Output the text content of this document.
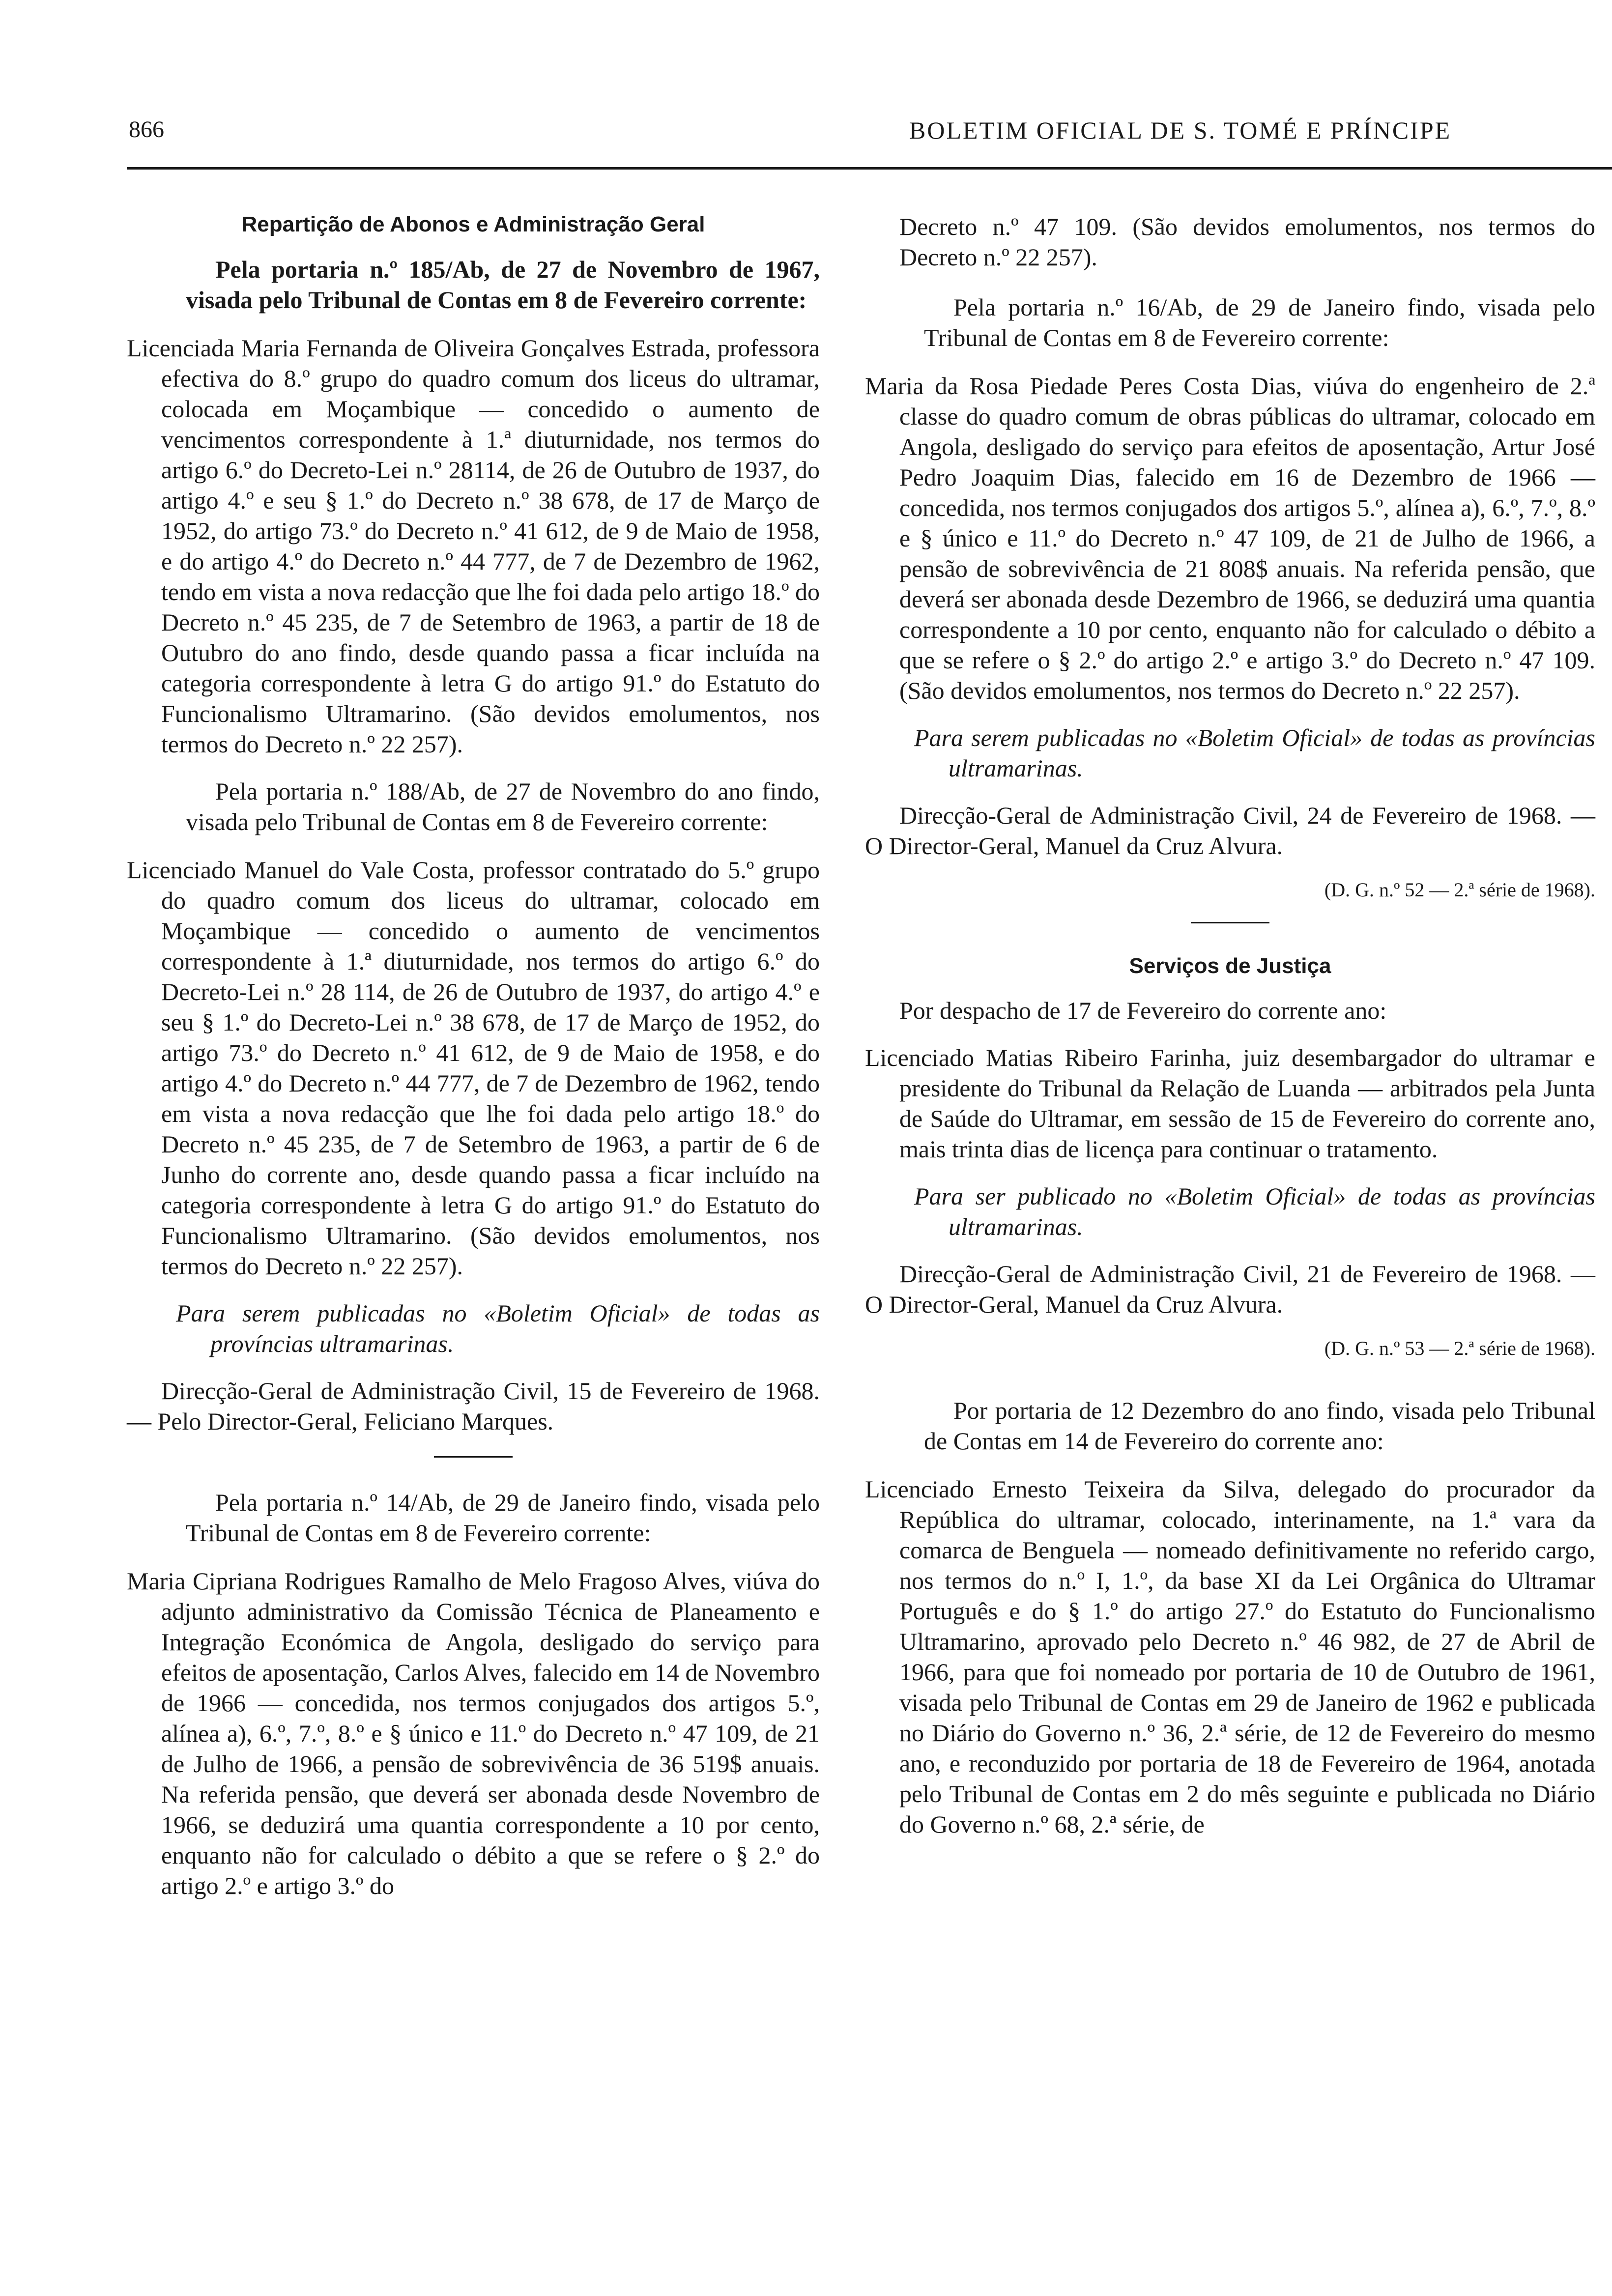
866	BOLETIM OFICIAL DE S. TOMÉ E PRÍNCIPE

Repartição de Abonos e Administração Geral

Pela portaria n.º 185/Ab, de 27 de Novembro de 1967, visada pelo Tribunal de Contas em 8 de Fevereiro corrente:

Licenciada Maria Fernanda de Oliveira Gonçalves Estrada, professora efectiva do 8.º grupo do quadro comum dos liceus do ultramar, colocada em Moçambique — concedido o aumento de vencimentos correspondente à 1.ª diuturnidade, nos termos do artigo 6.º do Decreto-Lei n.º 28114, de 26 de Outubro de 1937, do artigo 4.º e seu § 1.º do Decreto n.º 38 678, de 17 de Março de 1952, do artigo 73.º do Decreto n.º 41 612, de 9 de Maio de 1958, e do artigo 4.º do Decreto n.º 44 777, de 7 de Dezembro de 1962, tendo em vista a nova redacção que lhe foi dada pelo artigo 18.º do Decreto n.º 45 235, de 7 de Setembro de 1963, a partir de 18 de Outubro do ano findo, desde quando passa a ficar incluída na categoria correspondente à letra G do artigo 91.º do Estatuto do Funcionalismo Ultramarino. (São devidos emolumentos, nos termos do Decreto n.º 22 257).

Pela portaria n.º 188/Ab, de 27 de Novembro do ano findo, visada pelo Tribunal de Contas em 8 de Fevereiro corrente:

Licenciado Manuel do Vale Costa, professor contratado do 5.º grupo do quadro comum dos liceus do ultramar, colocado em Moçambique — concedido o aumento de vencimentos correspondente à 1.ª diuturnidade, nos termos do artigo 6.º do Decreto-Lei n.º 28 114, de 26 de Outubro de 1937, do artigo 4.º e seu § 1.º do Decreto-Lei n.º 38 678, de 17 de Março de 1952, do artigo 73.º do Decreto n.º 41 612, de 9 de Maio de 1958, e do artigo 4.º do Decreto n.º 44 777, de 7 de Dezembro de 1962, tendo em vista a nova redacção que lhe foi dada pelo artigo 18.º do Decreto n.º 45 235, de 7 de Setembro de 1963, a partir de 6 de Junho do corrente ano, desde quando passa a ficar incluído na categoria correspondente à letra G do artigo 91.º do Estatuto do Funcionalismo Ultramarino. (São devidos emolumentos, nos termos do Decreto n.º 22 257).

Para serem publicadas no «Boletim Oficial» de todas as províncias ultramarinas.

Direcção-Geral de Administração Civil, 15 de Fevereiro de 1968. — Pelo Director-Geral, Feliciano Marques.

Pela portaria n.º 14/Ab, de 29 de Janeiro findo, visada pelo Tribunal de Contas em 8 de Fevereiro corrente:

Maria Cipriana Rodrigues Ramalho de Melo Fragoso Alves, viúva do adjunto administrativo da Comissão Técnica de Planeamento e Integração Económica de Angola, desligado do serviço para efeitos de aposentação, Carlos Alves, falecido em 14 de Novembro de 1966 — concedida, nos termos conjugados dos artigos 5.º, alínea a), 6.º, 7.º, 8.º e § único e 11.º do Decreto n.º 47 109, de 21 de Julho de 1966, a pensão de sobrevivência de 36 519$ anuais. Na referida pensão, que deverá ser abonada desde Novembro de 1966, se deduzirá uma quantia correspondente a 10 por cento, enquanto não for calculado o débito a que se refere o § 2.º do artigo 2.º e artigo 3.º do

Decreto n.º 47 109. (São devidos emolumentos, nos termos do Decreto n.º 22 257).

Pela portaria n.º 16/Ab, de 29 de Janeiro findo, visada pelo Tribunal de Contas em 8 de Fevereiro corrente:

Maria da Rosa Piedade Peres Costa Dias, viúva do engenheiro de 2.ª classe do quadro comum de obras públicas do ultramar, colocado em Angola, desligado do serviço para efeitos de aposentação, Artur José Pedro Joaquim Dias, falecido em 16 de Dezembro de 1966 — concedida, nos termos conjugados dos artigos 5.º, alínea a), 6.º, 7.º, 8.º e § único e 11.º do Decreto n.º 47 109, de 21 de Julho de 1966, a pensão de sobrevivência de 21 808$ anuais. Na referida pensão, que deverá ser abonada desde Dezembro de 1966, se deduzirá uma quantia correspondente a 10 por cento, enquanto não for calculado o débito a que se refere o § 2.º do artigo 2.º e artigo 3.º do Decreto n.º 47 109. (São devidos emolumentos, nos termos do Decreto n.º 22 257).

Para serem publicadas no «Boletim Oficial» de todas as províncias ultramarinas.

Direcção-Geral de Administração Civil, 24 de Fevereiro de 1968. — O Director-Geral, Manuel da Cruz Alvura.

(D. G. n.º 52 — 2.ª série de 1968).

Serviços de Justiça

Por despacho de 17 de Fevereiro do corrente ano:

Licenciado Matias Ribeiro Farinha, juiz desembargador do ultramar e presidente do Tribunal da Relação de Luanda — arbitrados pela Junta de Saúde do Ultramar, em sessão de 15 de Fevereiro do corrente ano, mais trinta dias de licença para continuar o tratamento.

Para ser publicado no «Boletim Oficial» de todas as províncias ultramarinas.

Direcção-Geral de Administração Civil, 21 de Fevereiro de 1968. — O Director-Geral, Manuel da Cruz Alvura.

(D. G. n.º 53 — 2.ª série de 1968).

Por portaria de 12 Dezembro do ano findo, visada pelo Tribunal de Contas em 14 de Fevereiro do corrente ano:

Licenciado Ernesto Teixeira da Silva, delegado do procurador da República do ultramar, colocado, interinamente, na 1.ª vara da comarca de Benguela — nomeado definitivamente no referido cargo, nos termos do n.º I, 1.º, da base XI da Lei Orgânica do Ultramar Português e do § 1.º do artigo 27.º do Estatuto do Funcionalismo Ultramarino, aprovado pelo Decreto n.º 46 982, de 27 de Abril de 1966, para que foi nomeado por portaria de 10 de Outubro de 1961, visada pelo Tribunal de Contas em 29 de Janeiro de 1962 e publicada no Diário do Governo n.º 36, 2.ª série, de 12 de Fevereiro do mesmo ano, e reconduzido por portaria de 18 de Fevereiro de 1964, anotada pelo Tribunal de Contas em 2 do mês seguinte e publicada no Diário do Governo n.º 68, 2.ª série, de
